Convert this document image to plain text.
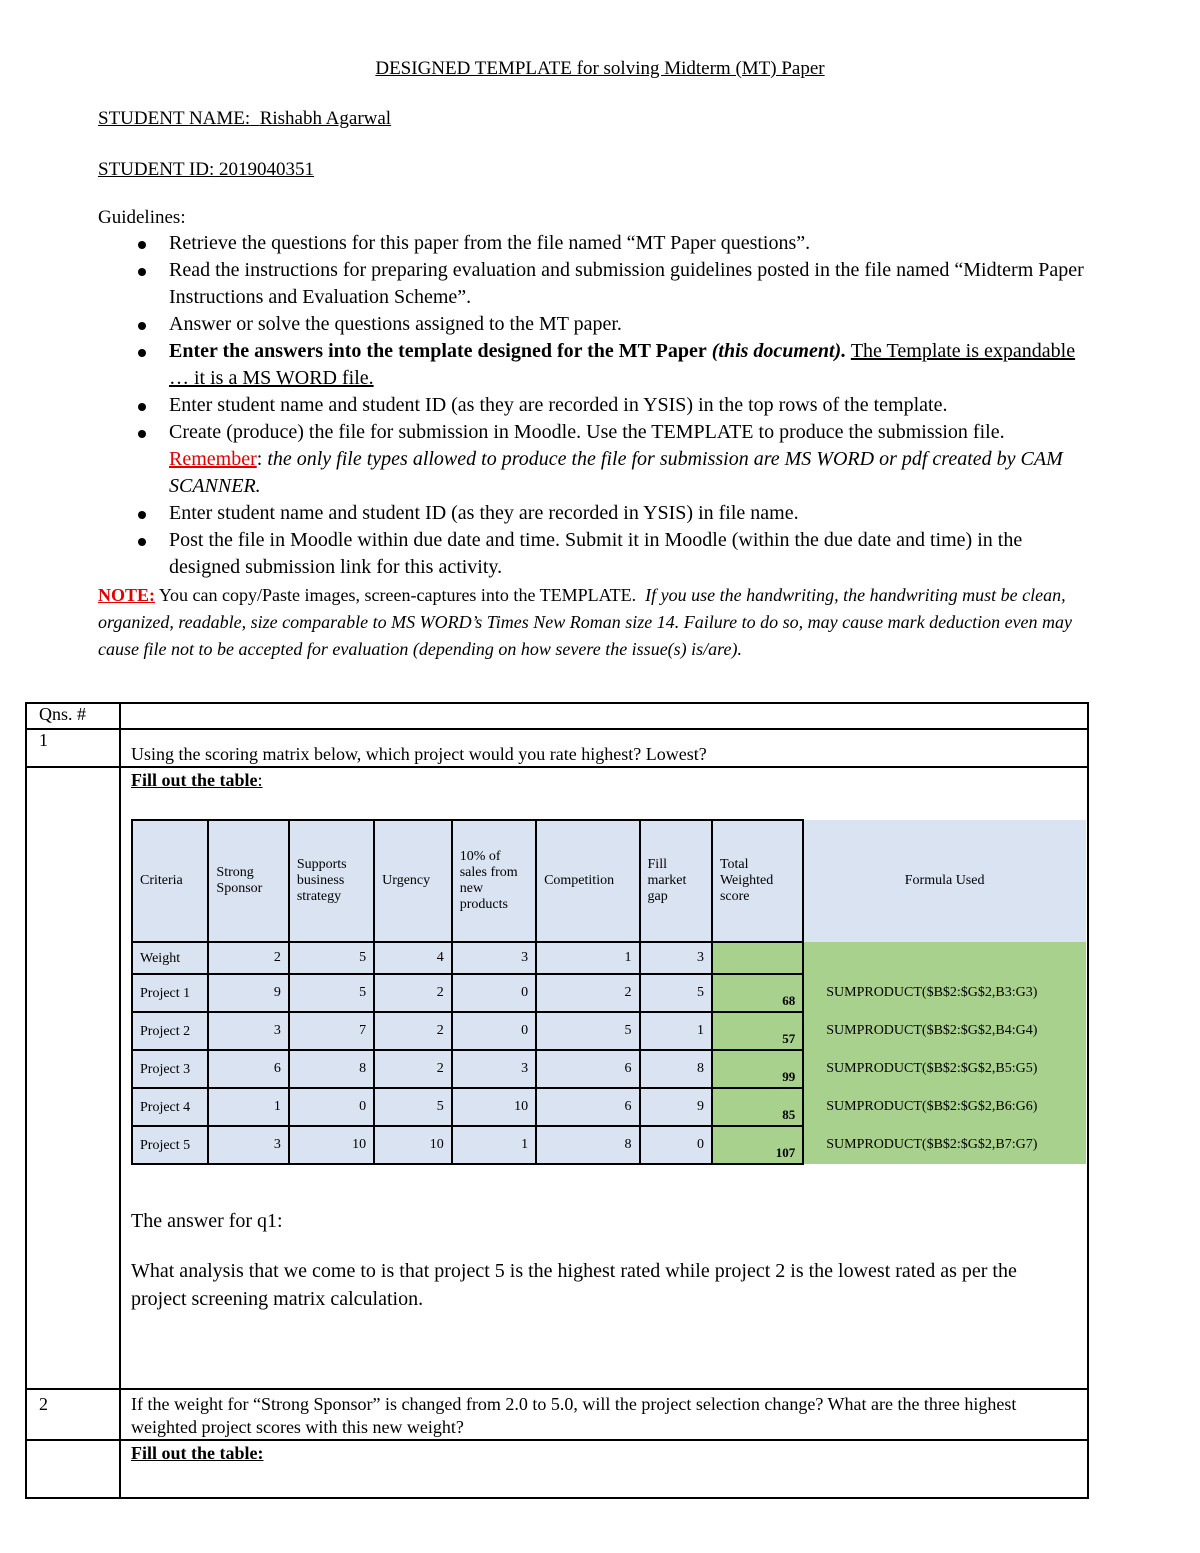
DESIGNED TEMPLATE for solving Midterm (MT) Paper
STUDENT NAME: Rishabh Agarwal
STUDENT ID: 2019040351
Guidelines:
Retrieve the questions for this paper from the file named “MT Paper questions”.
Read the instructions for preparing evaluation and submission guidelines posted in the file named “Midterm Paper Instructions and Evaluation Scheme”.
Answer or solve the questions assigned to the MT paper.
Enter the answers into the template designed for the MT Paper (this document). The Template is expandable … it is a MS WORD file.
Enter student name and student ID (as they are recorded in YSIS) in the top rows of the template.
Create (produce) the file for submission in Moodle. Use the TEMPLATE to produce the submission file. Remember: the only file types allowed to produce the file for submission are MS WORD or pdf created by CAM SCANNER.
Enter student name and student ID (as they are recorded in YSIS) in file name.
Post the file in Moodle within due date and time. Submit it in Moodle (within the due date and time) in the designed submission link for this activity.
NOTE: You can copy/Paste images, screen-captures into the TEMPLATE. If you use the handwriting, the handwriting must be clean, organized, readable, size comparable to MS WORD’s Times New Roman size 14. Failure to do so, may cause mark deduction even may cause file not to be accepted for evaluation (depending on how severe the issue(s) is/are).
Qns. #	
1	Using the scoring matrix below, which project would you rate highest? Lowest?

Fill out the table:
Criteria	Strong Sponsor	Supports business strategy	Urgency	10% of sales from new products	Competition	Fill market gap	Total Weighted score	Formula Used
Weight	2	5	4	3	1	3		
Project 1	9	5	2	0	2	5	68	SUMPRODUCT($B$2:$G$2,B3:G3)
Project 2	3	7	2	0	5	1	57	SUMPRODUCT($B$2:$G$2,B4:G4)
Project 3	6	8	2	3	6	8	99	SUMPRODUCT($B$2:$G$2,B5:G5)
Project 4	1	0	5	10	6	9	85	SUMPRODUCT($B$2:$G$2,B6:G6)
Project 5	3	10	10	1	8	0	107	SUMPRODUCT($B$2:$G$2,B7:G7)
The answer for q1:
What analysis that we come to is that project 5 is the highest rated while project 2 is the lowest rated as per the project screening matrix calculation.

2	If the weight for “Strong Sponsor” is changed from 2.0 to 5.0, will the project selection change? What are the three highest weighted project scores with this new weight?
	Fill out the table:
